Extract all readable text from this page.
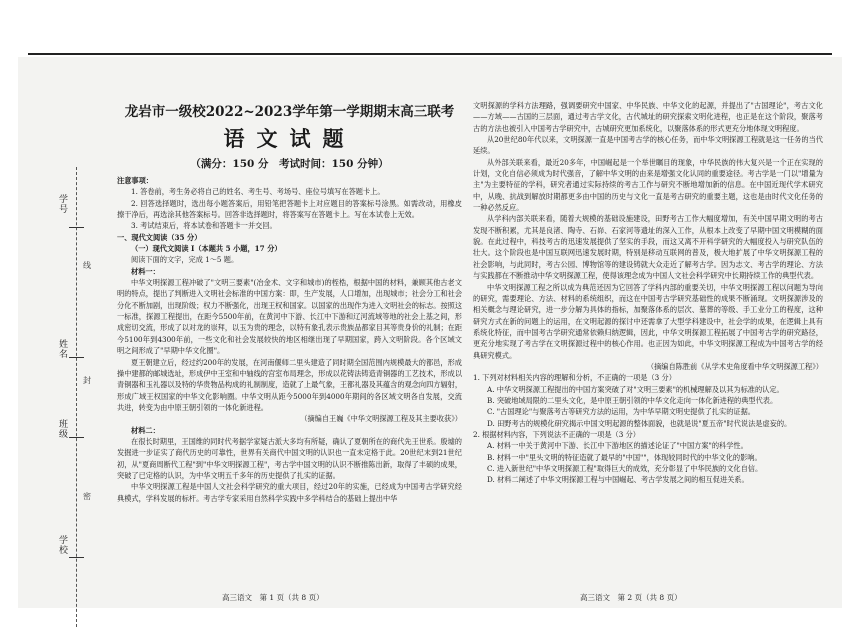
学号
线
姓名
封
班级
密
学校

龙岩市一级校2022~2023学年第一学期期末高三联考

语文试题

（满分：150 分　考试时间：150 分钟）

注意事项：

1. 答卷前，考生务必将自己的姓名、考生号、考场号、座位号填写在答题卡上。

2. 回答选择题时，选出每小题答案后，用铅笔把答题卡上对应题目的答案标号涂黑。如需改动，用橡皮擦干净后，再选涂其他答案标号。回答非选择题时，将答案写在答题卡上。写在本试卷上无效。

3. 考试结束后，将本试卷和答题卡一并交回。

一、现代文阅读（35 分）

（一）现代文阅读 I（本题共 5 小题，17 分）

阅读下面的文字，完成 1～5 题。

材料一：

中华文明探源工程冲破了"文明三要素"(冶金术、文字和城市)的桎梏，根据中国的材料，兼顾其他古老文明的特点，提出了判断进入文明社会标准的中国方案：即，生产发展，人口增加，出现城市；社会分工和社会分化不断加剧，出现阶级；权力不断强化，出现王权和国家。以国家的出现作为进入文明社会的标志。按照这一标准，探源工程提出，在距今5500年前，在黄河中下游、长江中下游和辽河流域等地的社会上基之间，形成密切交流，形成了以对龙的崇拜，以玉为贵的理念，以特有象孔表示贵族品都家目其等贵身价的礼制；在距今5100年到4300年前，一些文化和社会发展较快的地区相继出现了早期国家，跨入文明阶段。各个区域文明之间形成了"早期中华文化圈"。

夏王朝建立后，经过约200年的发展，在河南偃师二里头建造了同时期全国范围内规模最大的都邑，形成操中建都的邮城选址，形成伊中王室和中轴线的宫室布局理念，形成以花铸法铸造青铜器的工艺技术，形成以青铜器和玉礼器以及特的华贵物品构成的礼制制度，造就了上最气象，王都礼器及其蕴含的观念向四方辐射，形成广域王权国家的中华文化影响圈。中华文明从距今5000年到4000年期间的各区域文明各自发展，交流共进，转变为由中原王朝引领的一体化新进程。

（摘编自王巍《中华文明探源工程及其主要收获》）

材料二：

在很长时期里，王国维的同时代考据学家疑古派大多均有所疑，确认了夏朝所在的商代先王世系。殷墟的发掘进一步证实了商代历史的可靠性，世界有关商代中国文明的认识也一直未定格于此。20世纪末到21世纪初，从"夏商周断代工程"到"中华文明探源工程"，考古学中国文明的认识不断推陈出新，取得了丰硕的成果，突破了已定格的认识，为中华文明五千多年的历史提供了扎实的证据。

中华文明探源工程是中国人文社会科学研究的重大项目，经过20年的实施，已经成为中国考古学研究经典模式，学科发展的标杆。考古学专家采用自然科学实践中多学科结合的基础上提出中华

文明探源的学科方法理路，强调要研究中国家、中华民族、中华文化的起源，并提出了"古国理论"，考古文化——方域——古国的三层面，通过考古学文化，古代城址的研究探索文明化进程，也正是在这个阶段，聚落考古的方法也被引入中国考古学研究中，古城研究更加系统化，以聚落体系的形式更充分地体现文明程度。

从20世纪80年代以来，文明探源一直是中国考古学的核心任务，而中华文明探源工程就是这一任务的当代延续。

从外部关联来看，最近20多年，中国崛起是一个举世瞩目的现象，中华民族的伟大复兴是一个正在实现的计划，文化自信必须成为时代强音，了解中华文明的由来是增强文化认同的重要途径。考古学是一门以"增量为主"为主要特征的学科，研究者通过实际持续的考古工作与研究不断地增加新的信息。在中国近现代学术研究中，从晚、抗战到解放时期都更多由中国的历史与文化一直是考古研究的重要主题，这也是由时代文化任务的一种必然反应。

从学科内部关联来看，随着大规模的基础设施建设，田野考古工作大幅度增加，有关中国早期文明的考古发现不断积累，尤其是良渚、陶寺、石峁、石家河等遗址的深入工作，从根本上改变了早期中国文明模糊的面貌。在此过程中，科技考古的迅速发展提供了坚实的手段，而这又离不开科学研究的大幅度投入与研究队伍的壮大。这个阶段也是中国互联网迅速发展时期，特别是移动互联网的普及，极大地扩展了中华文明探源工程的社会影响，与此同时，考古公园、博物馆等的建设铸就大众走近了解考古学。因为志文、考古学的理论、方法与实践都在不断推动中华文明探源工程，使得该理念成为中国人文社会科学研究中长期持续工作的典型代表。

中华文明探源工程之所以成为典范还因为它回答了学科内部的重要关切，中华文明探源工程以问题为导向的研究，需要理论、方法、材料的系统组织，而这在中国考古学研究基础性的成果不断涌现。文明探源涉及的相关概念与理论研究，进一步分解为具体的指标，加聚落体系的层次、墓葬的等级、手工业分工的程度，这种研究方式在新的问题上的运用，在文明起源的探讨中还需拿了大型学科建设中，社会学的成果，在逻辑上具有系统化特征，而中国考古学研究通常依赖归纳逻辑，因此，中华文明探源工程拓展了中国考古学的研究路径，更充分地实现了考古学在文明探源过程中的核心作用。也正因为如此，中华文明探源工程成为中国考古学的经典研究模式。

（摘编自陈胜前《从学术史角度看中华文明探源工程》）

1. 下列对材料相关内容的理解和分析，不正确的一项是（3 分）

A. 中华文明探源工程提出的中国方案突破了对"文明三要素"的机械理解及以其为标准的认定。

B. 突破地域局限的二里头文化，是中原王朝引领的中华文化走向一体化新进程的典型代表。

C. "古国理论"与聚落考古等研究方法的运用，为中华早期文明史提供了扎实的证据。

D. 田野考古的规模化研究揭示中国文明起源的整体面貌，也就是说"夏五帝"时代说法是虚妄的。

2. 根据材料内容，下列说法不正确的一项是（3 分）

A. 材料一中关于黄河中下游、长江中下游地区的描述论证了"中国方案"的科学性。

B. 材料一中"里头文明的特征造就了最早的"中国""，体现较同时代的中华文化的影响。

C. 进入新世纪"中华文明探源工程"取得巨大的成效，充分彰显了中华民族的文化自信。

D. 材料二阐述了中华文明探源工程与中国崛起、考古学发展之间的相互促进关系。

高三语文　第 1 页（共 8 页）	高三语文　第 2 页（共 8 页）
